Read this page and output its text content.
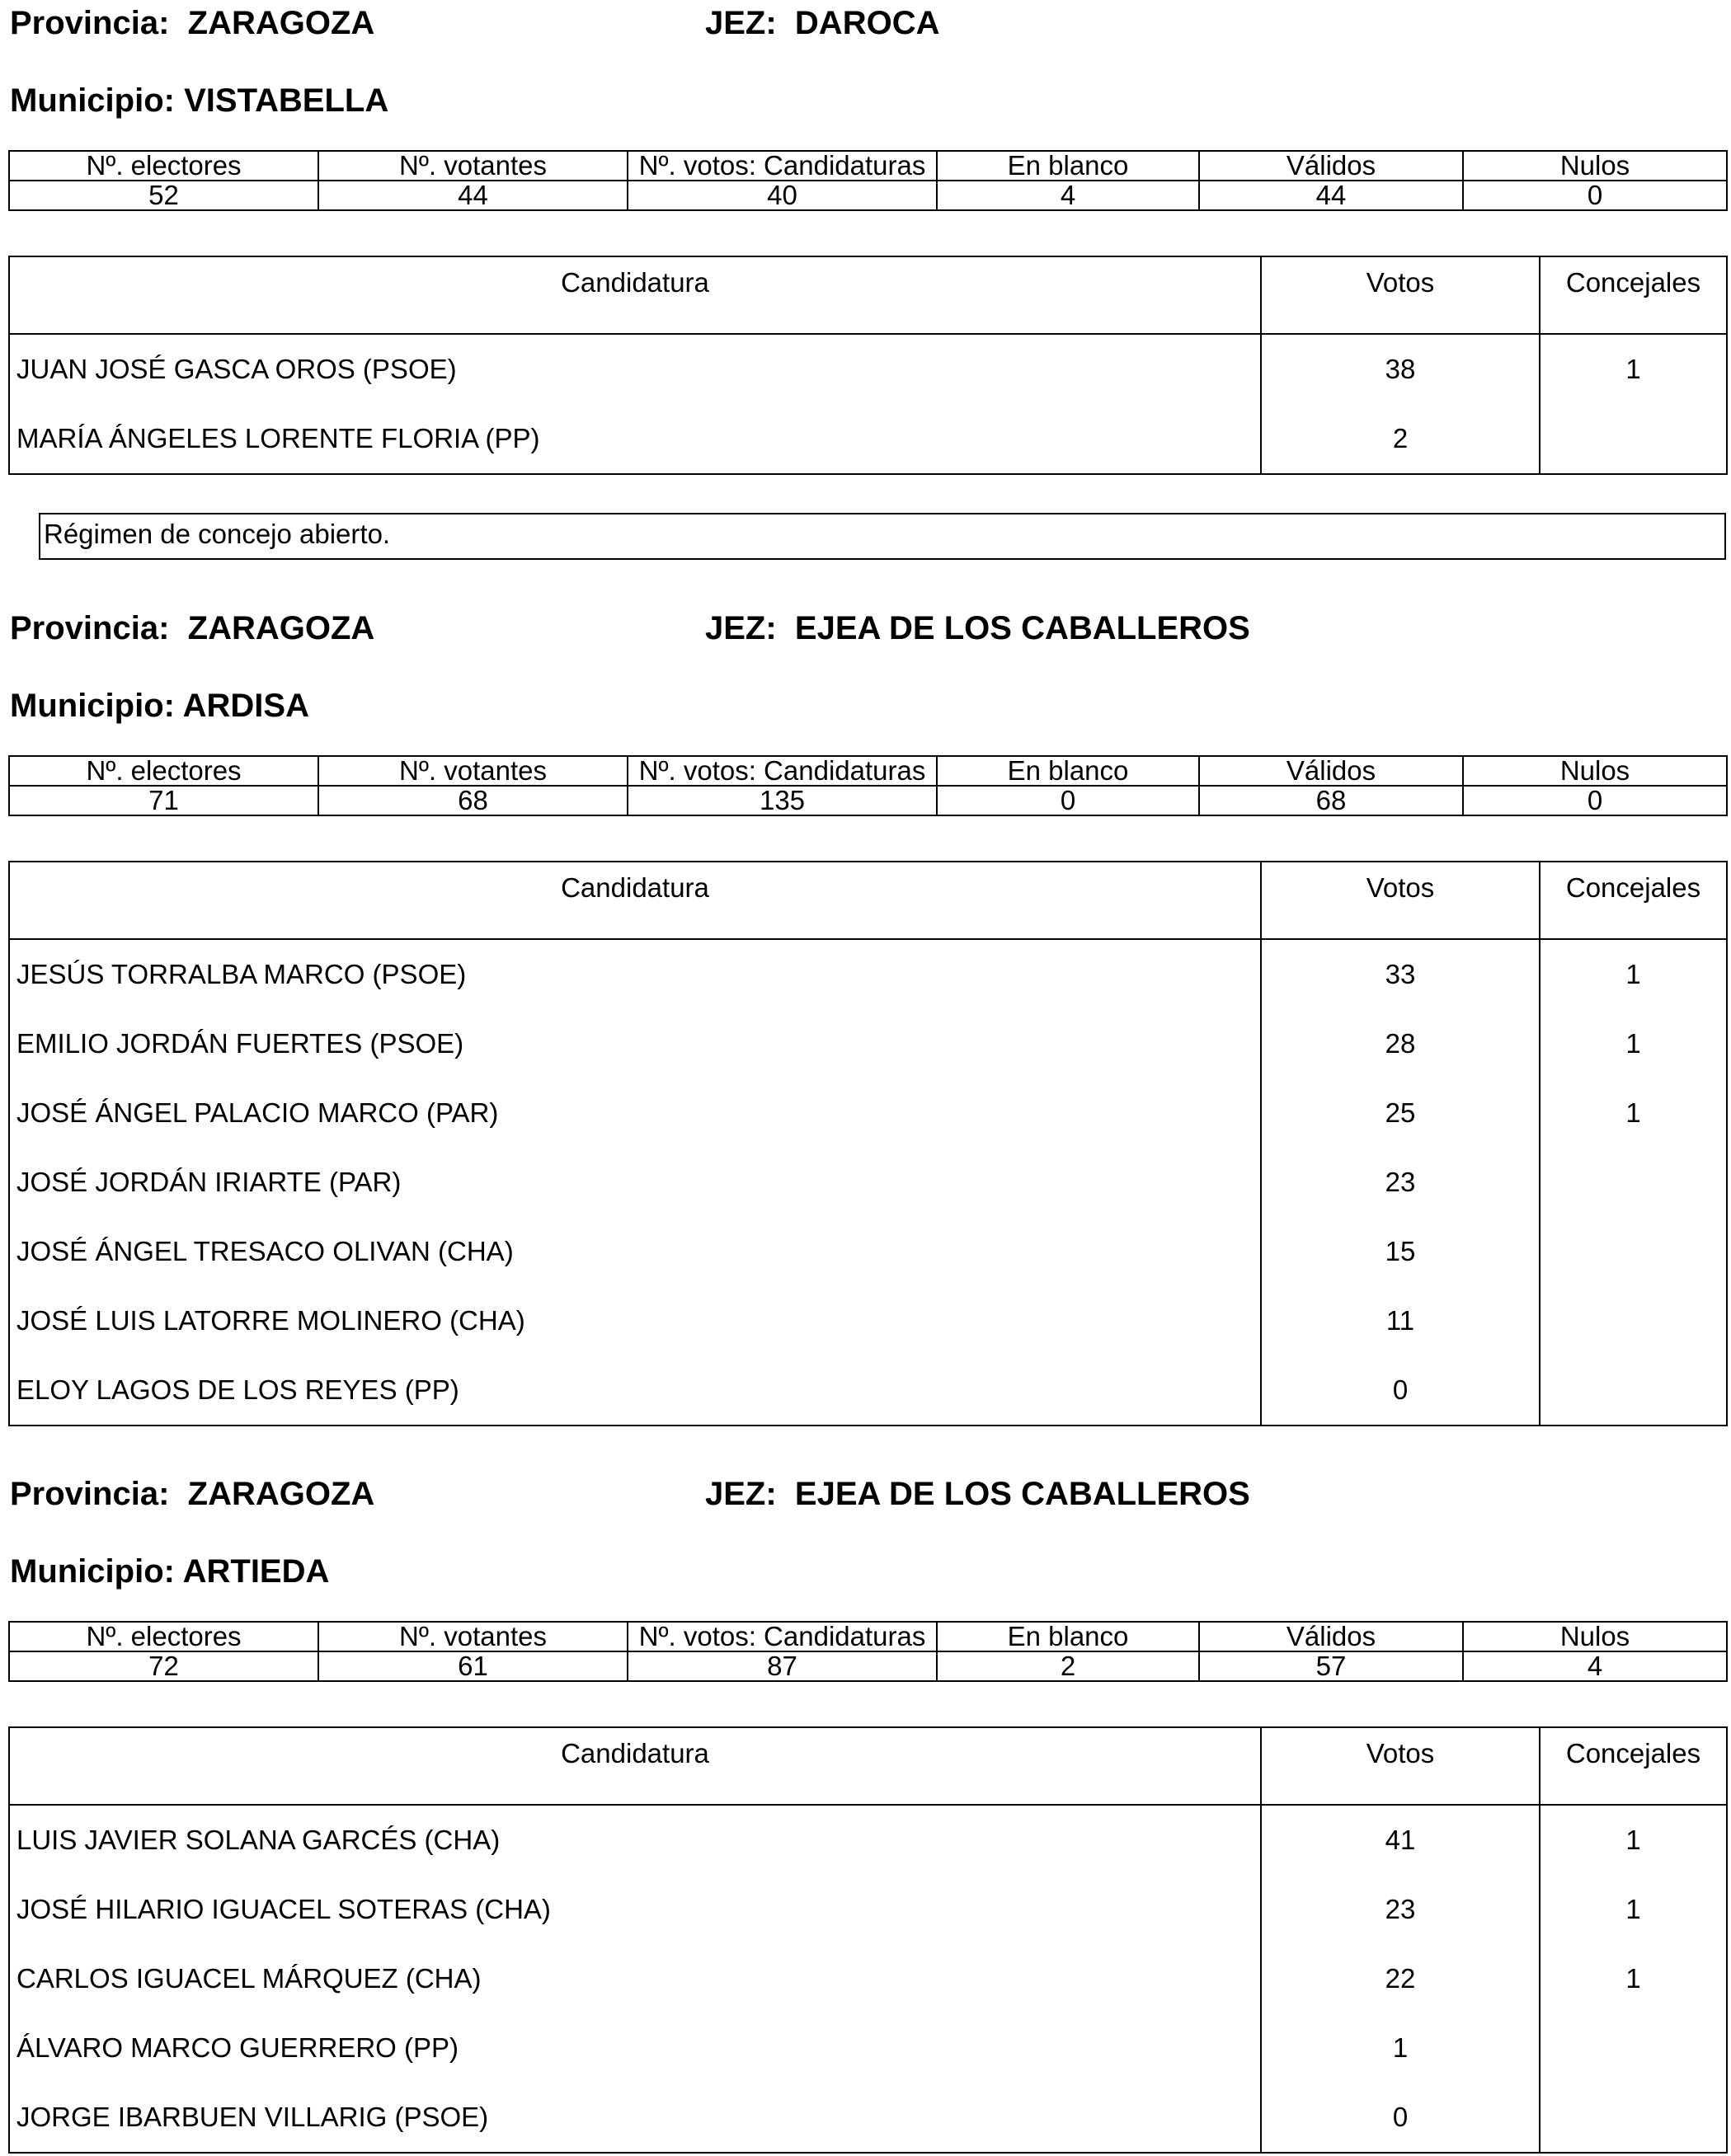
Provincia: ZARAGOZA	JEZ: DAROCA
Municipio: VISTABELLA
Nº. electores	Nº. votantes	Nº. votos: Candidaturas	En blanco	Válidos	Nulos
52	44	40	4	44	0
Candidatura	Votos	Concejales
JUAN JOSÉ GASCA OROS (PSOE)	38	1
MARÍA ÁNGELES LORENTE FLORIA (PP)	2	
Régimen de concejo abierto.
Provincia: ZARAGOZA	JEZ: EJEA DE LOS CABALLEROS
Municipio: ARDISA
Nº. electores	Nº. votantes	Nº. votos: Candidaturas	En blanco	Válidos	Nulos
71	68	135	0	68	0
Candidatura	Votos	Concejales
JESÚS TORRALBA MARCO (PSOE)	33	1
EMILIO JORDÁN FUERTES (PSOE)	28	1
JOSÉ ÁNGEL PALACIO MARCO (PAR)	25	1
JOSÉ JORDÁN IRIARTE (PAR)	23	
JOSÉ ÁNGEL TRESACO OLIVAN (CHA)	15	
JOSÉ LUIS LATORRE MOLINERO (CHA)	11	
ELOY LAGOS DE LOS REYES (PP)	0	
Provincia: ZARAGOZA	JEZ: EJEA DE LOS CABALLEROS
Municipio: ARTIEDA
Nº. electores	Nº. votantes	Nº. votos: Candidaturas	En blanco	Válidos	Nulos
72	61	87	2	57	4
Candidatura	Votos	Concejales
LUIS JAVIER SOLANA GARCÉS (CHA)	41	1
JOSÉ HILARIO IGUACEL SOTERAS (CHA)	23	1
CARLOS IGUACEL MÁRQUEZ (CHA)	22	1
ÁLVARO MARCO GUERRERO (PP)	1	
JORGE IBARBUEN VILLARIG (PSOE)	0	
